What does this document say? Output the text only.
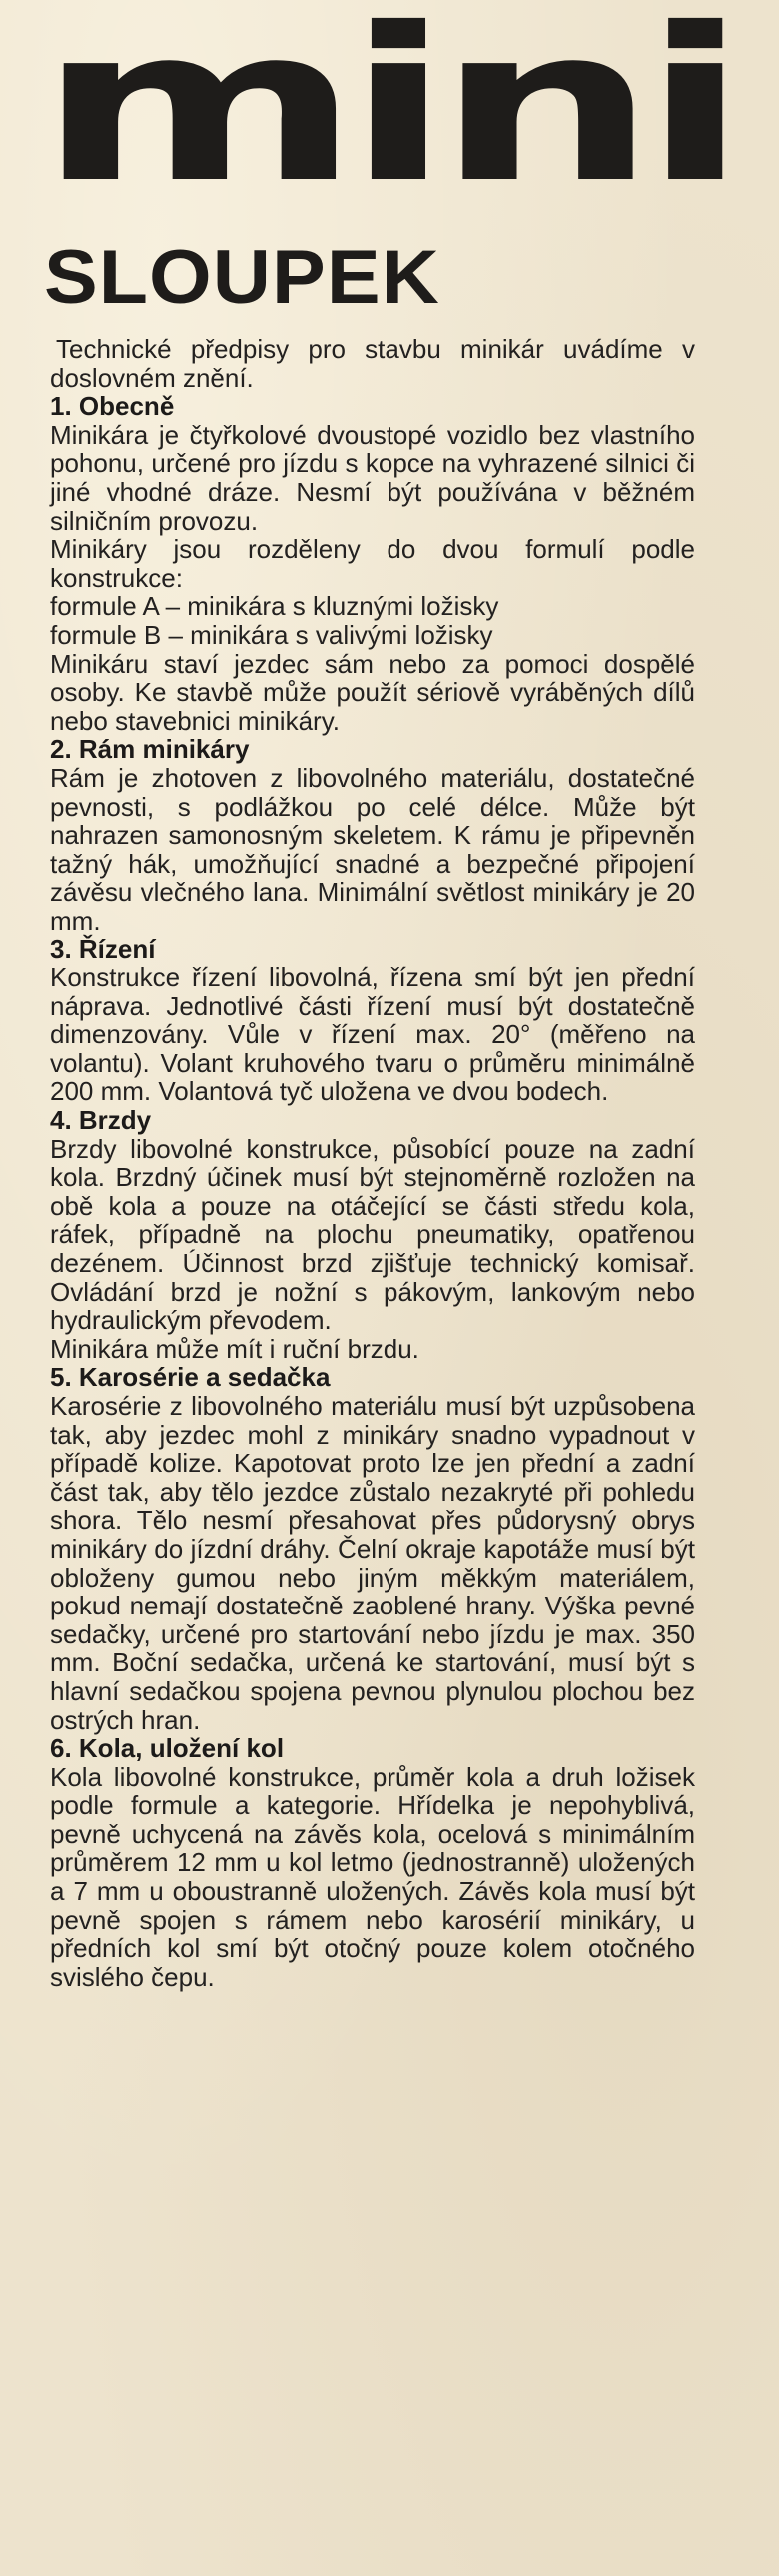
mini
SLOUPEK

Technické předpisy pro stavbu minikár uvádíme v doslovném znění.

1. Obecně

Minikára je čtyřkolové dvoustopé vozidlo bez vlastního pohonu, určené pro jízdu s kopce na vyhrazené silnici či jiné vhodné dráze. Nesmí být používána v běžném silničním provozu.

Minikáry jsou rozděleny do dvou formulí podle konstrukce:

formule A – minikára s kluznými ložisky

formule B – minikára s valivými ložisky

Minikáru staví jezdec sám nebo za pomoci dospělé osoby. Ke stavbě může použít sériově vyráběných dílů nebo stavebnici minikáry.

2. Rám minikáry

Rám je zhotoven z libovolného materiálu, dostatečné pevnosti, s podlážkou po celé délce. Může být nahrazen samonosným skeletem. K rámu je připevněn tažný hák, umožňující snadné a bezpečné připojení závěsu vlečného lana. Minimální světlost minikáry je 20 mm.

3. Řízení

Konstrukce řízení libovolná, řízena smí být jen přední náprava. Jednotlivé části řízení musí být dostatečně dimenzovány. Vůle v řízení max. 20° (měřeno na volantu). Volant kruhového tvaru o průměru minimálně 200 mm. Volantová tyč uložena ve dvou bodech.

4. Brzdy

Brzdy libovolné konstrukce, působící pouze na zadní kola. Brzdný účinek musí být stejnoměrně rozložen na obě kola a pouze na otáčející se části středu kola, ráfek, případně na plochu pneumatiky, opatřenou dezénem. Účinnost brzd zjišťuje technický komisař. Ovládání brzd je nožní s pákovým, lankovým nebo hydraulickým převodem.

Minikára může mít i ruční brzdu.

5. Karosérie a sedačka

Karosérie z libovolného materiálu musí být uzpůsobena tak, aby jezdec mohl z minikáry snadno vypadnout v případě kolize. Kapotovat proto lze jen přední a zadní část tak, aby tělo jezdce zůstalo nezakryté při pohledu shora. Tělo nesmí přesahovat přes půdorysný obrys minikáry do jízdní dráhy. Čelní okraje kapotáže musí být obloženy gumou nebo jiným měkkým materiálem, pokud nemají dostatečně zaoblené hrany. Výška pevné sedačky, určené pro startování nebo jízdu je max. 350 mm. Boční sedačka, určená ke startování, musí být s hlavní sedačkou spojena pevnou plynulou plochou bez ostrých hran.

6. Kola, uložení kol

Kola libovolné konstrukce, průměr kola a druh ložisek podle formule a kategorie. Hřídelka je nepohyblivá, pevně uchycená na závěs kola, ocelová s minimálním průměrem 12 mm u kol letmo (jednostranně) uložených a 7 mm u oboustranně uložených. Závěs kola musí být pevně spojen s rámem nebo karosérií minikáry, u předních kol smí být otočný pouze kolem otočného svislého čepu.
